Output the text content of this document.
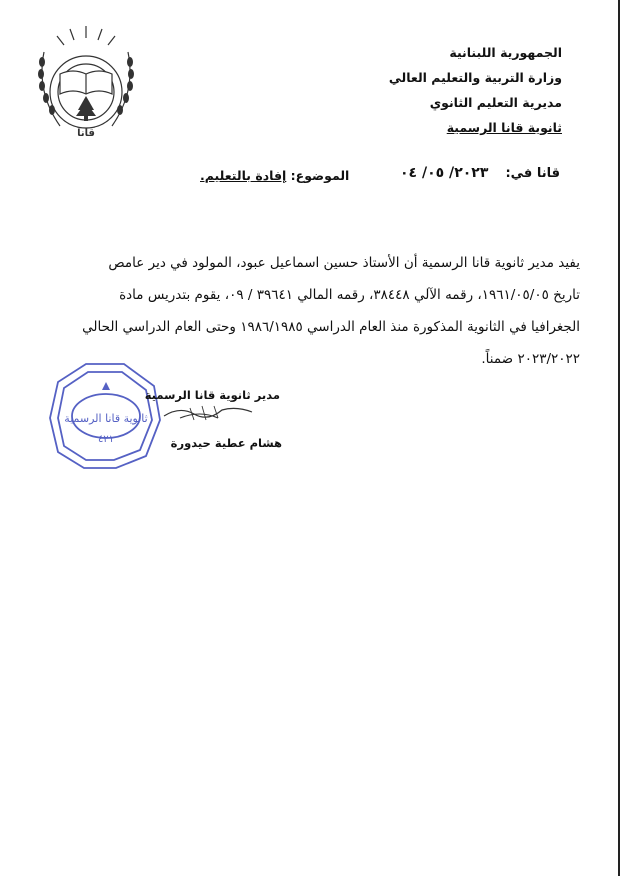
قانا
الجمهورية اللبنانية
وزارة التربية والتعليم العالي
مديرية التعليم الثانوي
ثانوية قانا الرسمية
قانا في:
٢٠٢٣/ ٠٥/ ٠٤
الموضوع: إفادة بالتعليم.
يفيد مدير ثانوية قانا الرسمية أن الأستاذ حسين اسماعيل عبود، المولود في دير عامص
تاريخ ١٩٦١/٠٥/٠٥، رقمه الآلي ٣٨٤٤٨، رقمه المالي ٣٩٦٤١ / ٠٩، يقوم بتدريس مادة
الجغرافيا في الثانوية المذكورة منذ العام الدراسي ١٩٨٦/١٩٨٥ وحتى العام الدراسي الحالي
٢٠٢٣/٢٠٢٢ ضمناً.
ثانوية قانا الرسمية
٤٢١
مدير ثانوية قانا الرسمية
هشام عطية حيدورة
